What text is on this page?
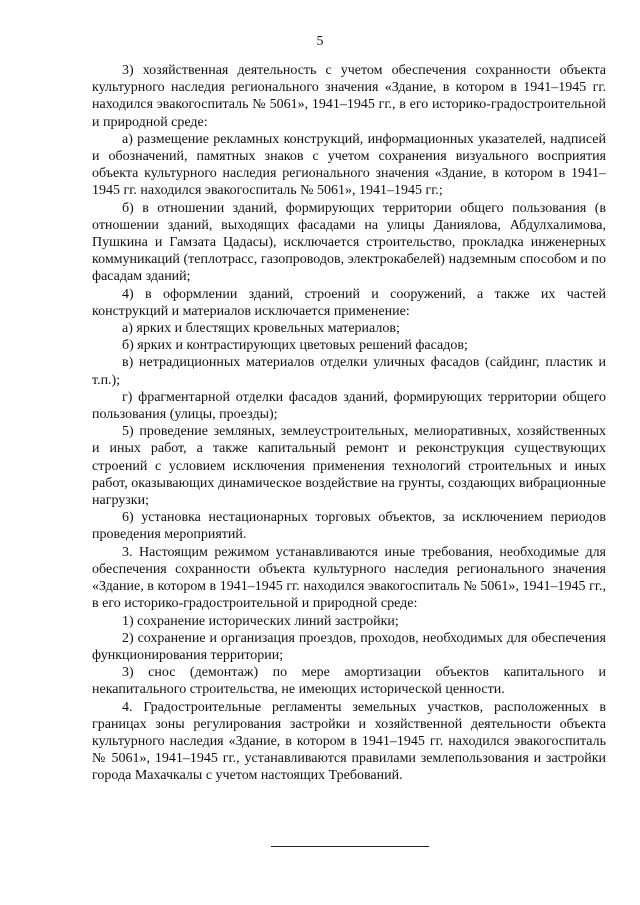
5

3) хозяйственная деятельность с учетом обеспечения сохранности объекта культурного наследия регионального значения «Здание, в котором в 1941–1945 гг. находился эвакогоспиталь № 5061», 1941–1945 гг., в его историко-градостроительной и природной среде:

а) размещение рекламных конструкций, информационных указателей, надписей и обозначений, памятных знаков с учетом сохранения визуального восприятия объекта культурного наследия регионального значения «Здание, в котором в 1941–1945 гг. находился эвакогоспиталь № 5061», 1941–1945 гг.;

б) в отношении зданий, формирующих территории общего пользования (в отношении зданий, выходящих фасадами на улицы Даниялова, Абдулхалимова, Пушкина и Гамзата Цадасы), исключается строительство, прокладка инженерных коммуникаций (теплотрасс, газопроводов, электрокабелей) надземным способом и по фасадам зданий;

4) в оформлении зданий, строений и сооружений, а также их частей конструкций и материалов исключается применение:

а) ярких и блестящих кровельных материалов;

б) ярких и контрастирующих цветовых решений фасадов;

в) нетрадиционных материалов отделки уличных фасадов (сайдинг, пластик и т.п.);

г) фрагментарной отделки фасадов зданий, формирующих территории общего пользования (улицы, проезды);

5) проведение земляных, землеустроительных, мелиоративных, хозяйственных и иных работ, а также капитальный ремонт и реконструкция существующих строений с условием исключения применения технологий строительных и иных работ, оказывающих динамическое воздействие на грунты, создающих вибрационные нагрузки;

6) установка нестационарных торговых объектов, за исключением периодов проведения мероприятий.

3. Настоящим режимом устанавливаются иные требования, необходимые для обеспечения сохранности объекта культурного наследия регионального значения «Здание, в котором в 1941–1945 гг. находился эвакогоспиталь № 5061», 1941–1945 гг., в его историко-градостроительной и природной среде:

1) сохранение исторических линий застройки;

2) сохранение и организация проездов, проходов, необходимых для обеспечения функционирования территории;

3) снос (демонтаж) по мере амортизации объектов капитального и некапитального строительства, не имеющих исторической ценности.

4. Градостроительные регламенты земельных участков, расположенных в границах зоны регулирования застройки и хозяйственной деятельности объекта культурного наследия «Здание, в котором в 1941–1945 гг. находился эвакогоспиталь № 5061», 1941–1945 гг., устанавливаются правилами землепользования и застройки города Махачкалы с учетом настоящих Требований.
